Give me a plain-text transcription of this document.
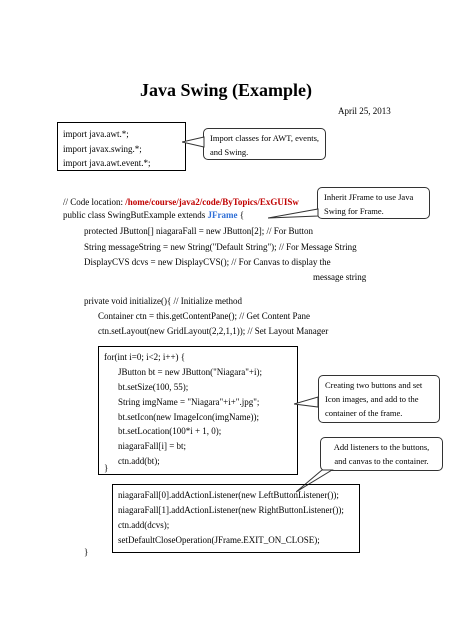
Java Swing (Example)
April 25, 2013
import java.awt.*;
import javax.swing.*;
import java.awt.event.*;
Import classes for AWT, events, and Swing.
// Code location: /home/course/java2/code/ByTopics/ExGUISw	Inherit JFrame to use Java Swing for Frame.
public class SwingButExample extends JFrame {
protected JButton[] niagaraFall = new JButton[2]; // For Button
String messageString = new String("Default String"); // For Message String
DisplayCVS dcvs = new DisplayCVS(); // For Canvas to display the
message string
private void initialize(){ // Initialize method
Container ctn = this.getContentPane(); // Get Content Pane
ctn.setLayout(new GridLayout(2,2,1,1)); // Set Layout Manager
for(int i=0; i<2; i++) {
JButton bt = new JButton("Niagara"+i);
bt.setSize(100, 55);
String imgName = "Niagara"+i+".jpg";
bt.setIcon(new ImageIcon(imgName));
bt.setLocation(100*i + 1, 0);
niagaraFall[i] = bt;
ctn.add(bt);
}
Creating two buttons and set Icon images, and add to the container of the frame.
Add listeners to the buttons, and canvas to the container.
niagaraFall[0].addActionListener(new LeftButtonListener());
niagaraFall[1].addActionListener(new RightButtonListener());
ctn.add(dcvs);
setDefaultCloseOperation(JFrame.EXIT_ON_CLOSE);
}
